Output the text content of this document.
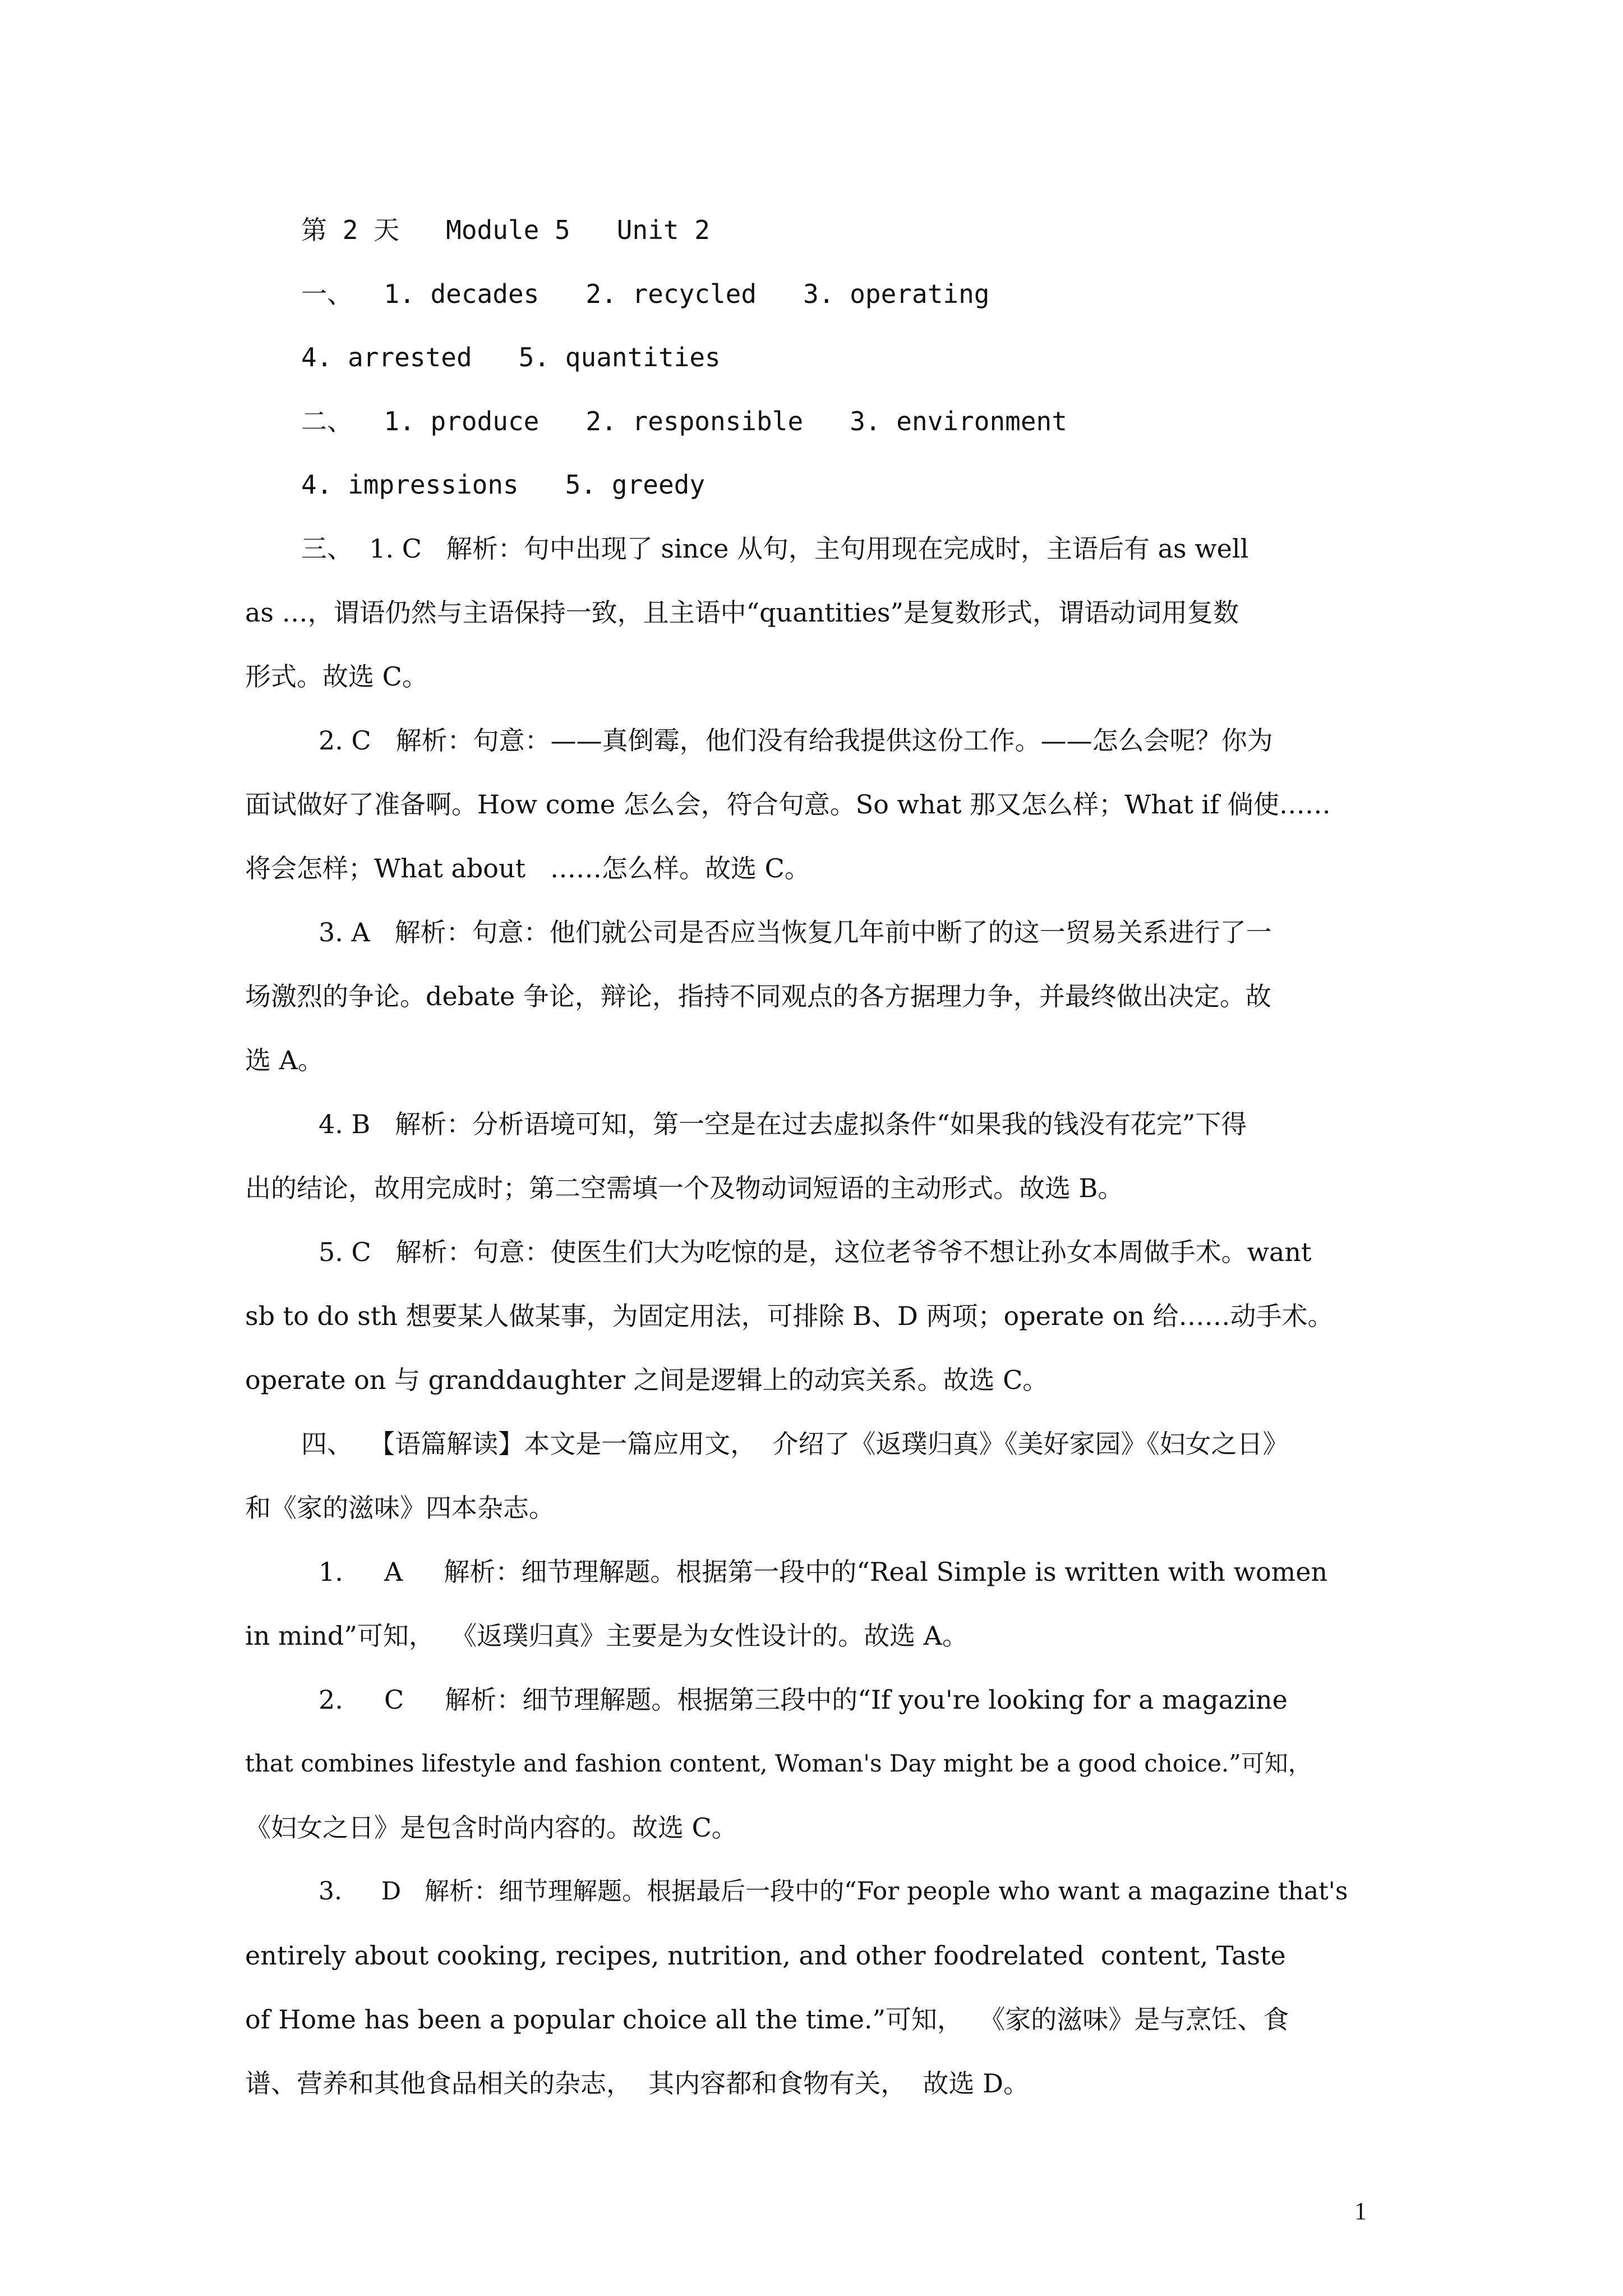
第 2 天   Module 5   Unit 2
一、  1. decades   2. recycled   3. operating
4. arrested   5. quantities
二、  1. produce   2. responsible   3. environment
4. impressions   5. greedy
三、  1. C   解析：句中出现了 since 从句，主句用现在完成时，主语后有 as well
as …，谓语仍然与主语保持一致，且主语中“quantities”是复数形式，谓语动词用复数
形式。故选 C。
2. C   解析：句意：——真倒霉，他们没有给我提供这份工作。——怎么会呢？你为
面试做好了准备啊。How come 怎么会，符合句意。So what 那又怎么样；What if 倘使……
将会怎样；What about   ……怎么样。故选 C。
3. A   解析：句意：他们就公司是否应当恢复几年前中断了的这一贸易关系进行了一
场激烈的争论。debate 争论，辩论，指持不同观点的各方据理力争，并最终做出决定。故
选 A。
4. B   解析：分析语境可知，第一空是在过去虚拟条件“如果我的钱没有花完”下得
出的结论，故用完成时；第二空需填一个及物动词短语的主动形式。故选 B。
5. C   解析：句意：使医生们大为吃惊的是，这位老爷爷不想让孙女本周做手术。want
sb to do sth 想要某人做某事，为固定用法，可排除 B、D 两项；operate on 给……动手术。
operate on 与 granddaughter 之间是逻辑上的动宾关系。故选 C。
四、  【语篇解读】本文是一篇应用文，  介绍了《返璞归真》《美好家园》《妇女之日》
和《家的滋味》四本杂志。
1.     A     解析：细节理解题。根据第一段中的“Real Simple is written with women
in mind”可知，  《返璞归真》主要是为女性设计的。故选 A。
2.     C     解析：细节理解题。根据第三段中的“If you're looking for a magazine
that combines lifestyle and fashion content, Woman's Day might be a good choice.”可知，
《妇女之日》是包含时尚内容的。故选 C。
3.     D   解析：细节理解题。根据最后一段中的“For people who want a magazine that's
entirely about cooking, recipes, nutrition, and other foodrelated  content, Taste
of Home has been a popular choice all the time.”可知，  《家的滋味》是与烹饪、食
谱、营养和其他食品相关的杂志，  其内容都和食物有关，  故选 D。
1
